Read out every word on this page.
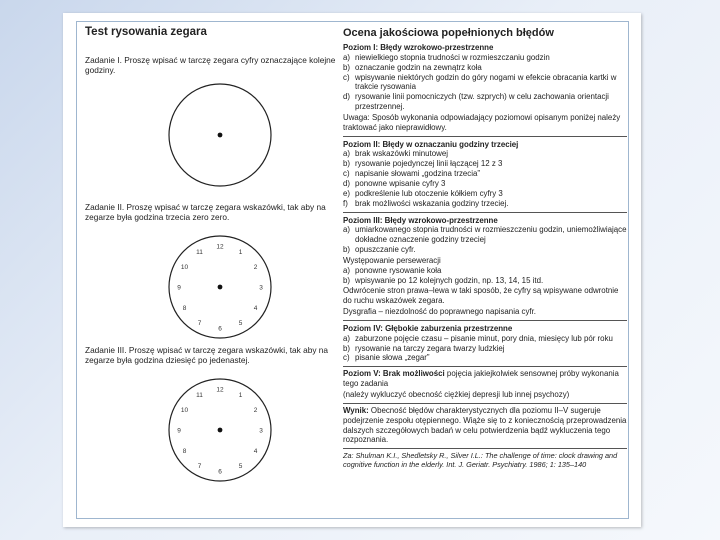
Test rysowania zegara
Zadanie I. Proszę wpisać w tarczę zegara cyfry oznaczające kolejne godziny.
Zadanie II. Proszę wpisać w tarczę zegara wskazówki, tak aby na zegarze była godzina trzecia zero zero.
12
1
2
3
4
5
6
7
8
9
10
11
Zadanie III. Proszę wpisać w tarczę zegara wskazówki, tak aby na zegarze była godzina dziesięć po jedenastej.
12
1
2
3
4
5
6
7
8
9
10
11
Ocena jakościowa popełnionych błędów
Poziom I: Błędy wzrokowo-przestrzenne
a) niewielkiego stopnia trudności w rozmieszczaniu godzin
b) oznaczanie godzin na zewnątrz koła
c) wpisywanie niektórych godzin do góry nogami w efekcie obracania kartki w trakcie rysowania
d) rysowanie linii pomocniczych (tzw. szprych) w celu zachowania orientacji przestrzennej.
Uwaga: Sposób wykonania odpowiadający poziomowi opisanym poniżej należy traktować jako nieprawidłowy.
Poziom II: Błędy w oznaczaniu godziny trzeciej
a) brak wskazówki minutowej
b) rysowanie pojedynczej linii łączącej 12 z 3
c) napisanie słowami „godzina trzecia”
d) ponowne wpisanie cyfry 3
e) podkreślenie lub otoczenie kółkiem cyfry 3
f) brak możliwości wskazania godziny trzeciej.
Poziom III: Błędy wzrokowo-przestrzenne
a) umiarkowanego stopnia trudności w rozmieszczeniu godzin, uniemożliwiające dokładne oznaczenie godziny trzeciej
b) opuszczanie cyfr.
Występowanie perseweracji
a) ponowne rysowanie koła
b) wpisywanie po 12 kolejnych godzin, np. 13, 14, 15 itd.
Odwrócenie stron prawa–lewa w taki sposób, że cyfry są wpisywane odwrotnie do ruchu wskazówek zegara.
Dysgrafia – niezdolność do poprawnego napisania cyfr.
Poziom IV: Głębokie zaburzenia przestrzenne
a) zaburzone pojęcie czasu – pisanie minut, pory dnia, miesięcy lub pór roku
b) rysowanie na tarczy zegara twarzy ludzkiej
c) pisanie słowa „zegar”
Poziom V: Brak możliwości pojęcia jakiejkolwiek sensownej próby wykonania tego zadania
(należy wykluczyć obecność ciężkiej depresji lub innej psychozy)
Wynik: Obecność błędów charakterystycznych dla poziomu II–V sugeruje podejrzenie zespołu otępiennego. Wiąże się to z koniecznością przeprowadzenia dalszych szczegółowych badań w celu potwierdzenia bądź wykluczenia tego rozpoznania.
Za: Shulman K.I., Shedletsky R., Silver I.L.: The challenge of time: clock drawing and cognitive function in the elderly. Int. J. Geriatr. Psychiatry. 1986; 1: 135–140
